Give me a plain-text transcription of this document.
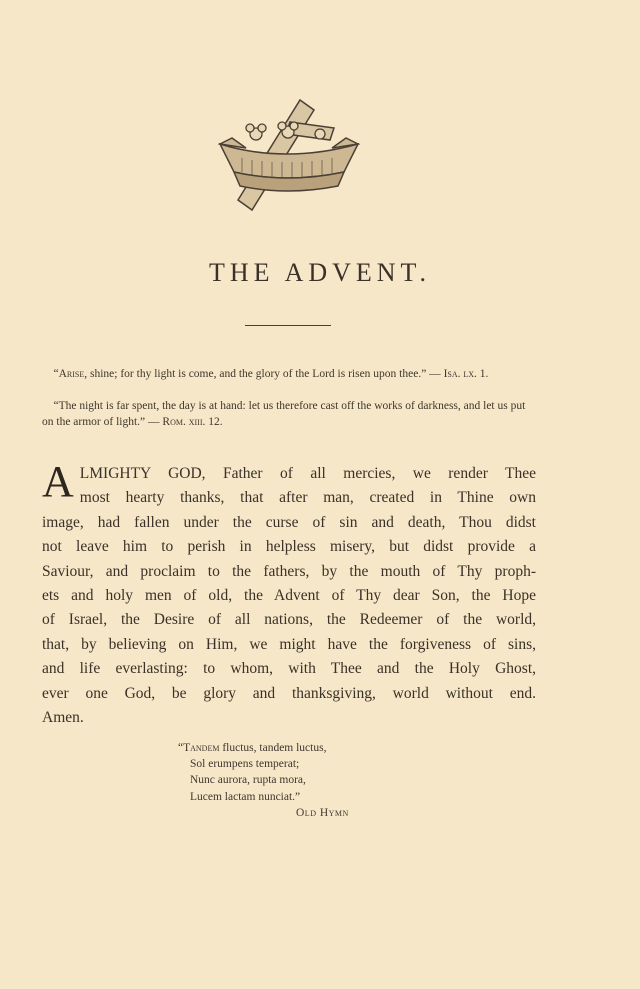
THE ADVENT.
“Arise, shine; for thy light is come, and the glory of the Lord is risen upon thee.” — Isa. lx. 1.
“The night is far spent, the day is at hand: let us therefore cast off the works of darkness, and let us put on the armor of light.” — Rom. xiii. 12.
A LMIGHTY GOD, Father of all mercies, we render Thee
most hearty thanks, that after man, created in Thine own
image, had fallen under the curse of sin and death, Thou didst
not leave him to perish in helpless misery, but didst provide a
Saviour, and proclaim to the fathers, by the mouth of Thy proph-
ets and holy men of old, the Advent of Thy dear Son, the Hope
of Israel, the Desire of all nations, the Redeemer of the world,
that, by believing on Him, we might have the forgiveness of sins,
and life everlasting: to whom, with Thee and the Holy Ghost,
ever one God, be glory and thanksgiving, world without end.
Amen.
“Tandem fluctus, tandem luctus,
Sol erumpens temperat;
Nunc aurora, rupta mora,
Lucem lactam nunciat.”
Old Hymn
